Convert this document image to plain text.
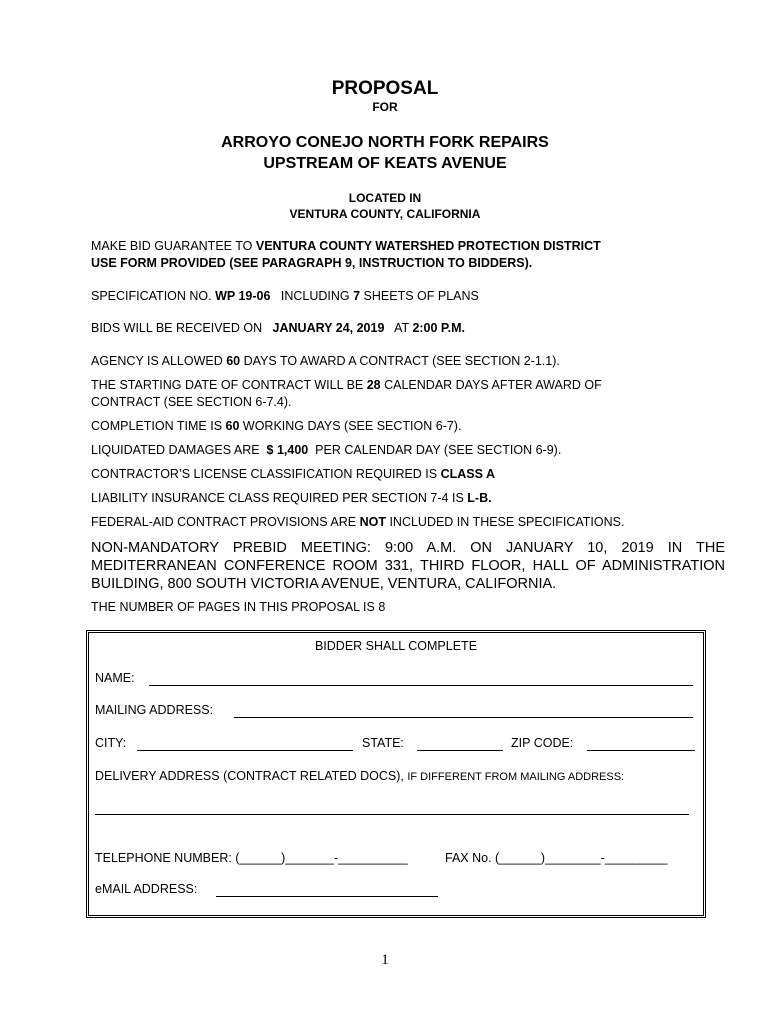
PROPOSAL
FOR
ARROYO CONEJO NORTH FORK REPAIRS
UPSTREAM OF KEATS AVENUE
LOCATED IN
VENTURA COUNTY, CALIFORNIA
MAKE BID GUARANTEE TO VENTURA COUNTY WATERSHED PROTECTION DISTRICT
USE FORM PROVIDED (SEE PARAGRAPH 9, INSTRUCTION TO BIDDERS).
SPECIFICATION NO. WP 19-06   INCLUDING 7 SHEETS OF PLANS
BIDS WILL BE RECEIVED ON   JANUARY 24, 2019   AT 2:00 P.M.
AGENCY IS ALLOWED 60 DAYS TO AWARD A CONTRACT (SEE SECTION 2-1.1).
THE STARTING DATE OF CONTRACT WILL BE 28 CALENDAR DAYS AFTER AWARD OF
CONTRACT (SEE SECTION 6-7.4).
COMPLETION TIME IS 60 WORKING DAYS (SEE SECTION 6-7).
LIQUIDATED DAMAGES ARE  $ 1,400  PER CALENDAR DAY (SEE SECTION 6-9).
CONTRACTOR’S LICENSE CLASSIFICATION REQUIRED IS CLASS A
LIABILITY INSURANCE CLASS REQUIRED PER SECTION 7-4 IS L-B.
FEDERAL-AID CONTRACT PROVISIONS ARE NOT INCLUDED IN THESE SPECIFICATIONS.
NON-MANDATORY PREBID MEETING: 9:00 A.M. ON JANUARY 10, 2019 IN THE MEDITERRANEAN CONFERENCE ROOM 331, THIRD FLOOR, HALL OF ADMINISTRATION BUILDING, 800 SOUTH VICTORIA AVENUE, VENTURA, CALIFORNIA.
THE NUMBER OF PAGES IN THIS PROPOSAL IS 8
BIDDER SHALL COMPLETE
NAME:
MAILING ADDRESS:
CITY:	STATE:	ZIP CODE:
DELIVERY ADDRESS (CONTRACT RELATED DOCS), IF DIFFERENT FROM MAILING ADDRESS:
TELEPHONE NUMBER: (______)_______-__________	FAX No. (______)________-_________
eMAIL ADDRESS:
1
